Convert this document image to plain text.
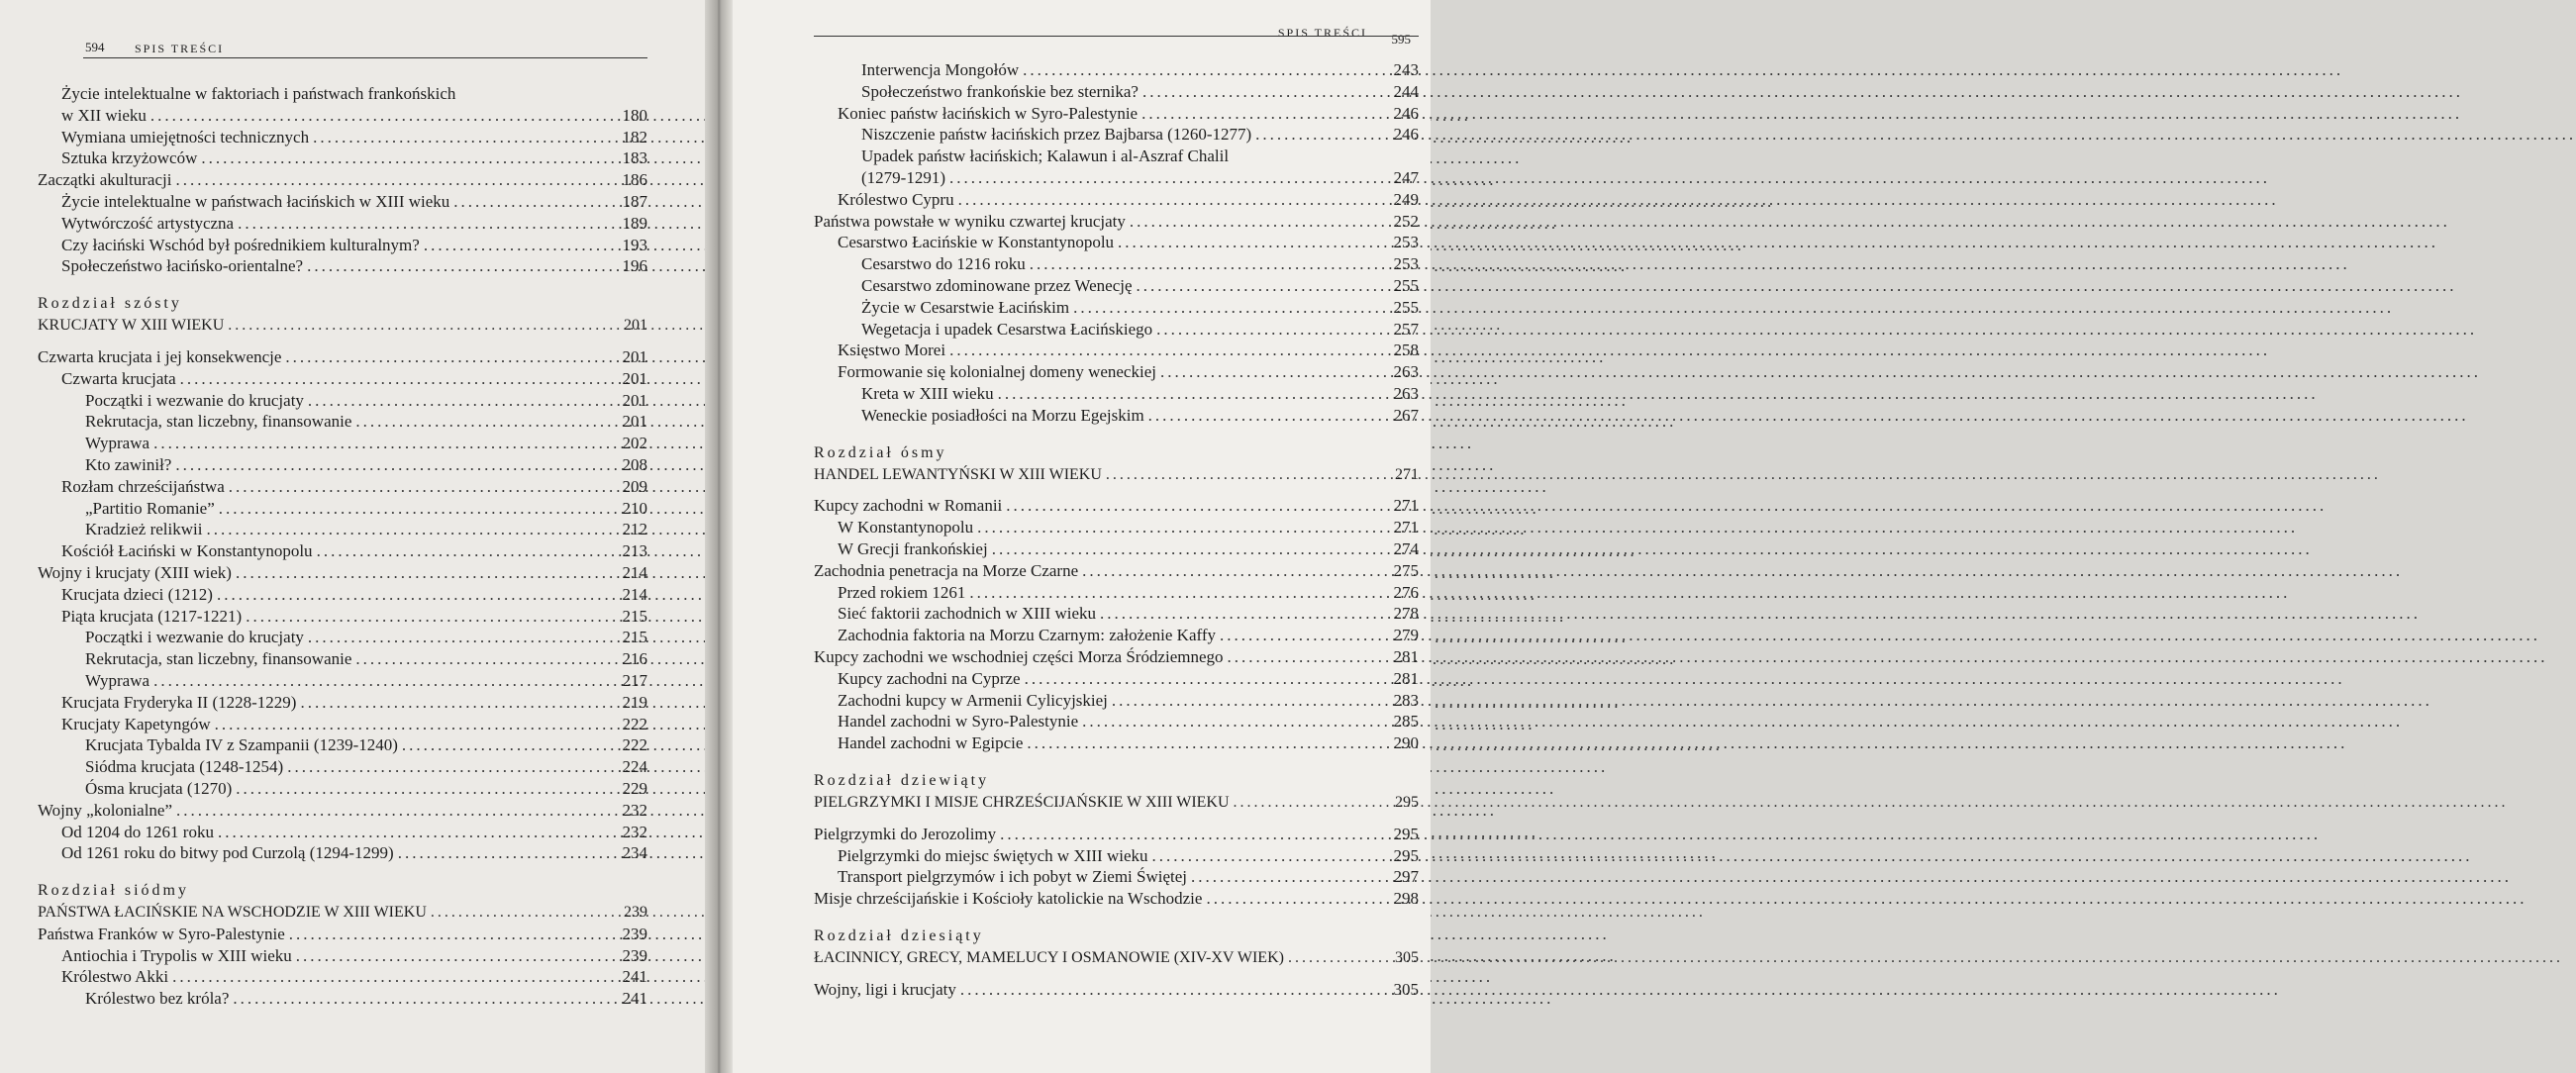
594	SPIS TREŚCI
Życie intelektualne w faktoriach i państwach frankońskich
w XII wieku .....	180
Wymiana umiejętności technicznych .....	182
Sztuka krzyżowców .....	183
Zaczątki akulturacji .....	186
Życie intelektualne w państwach łacińskich w XIII wieku .....	187
Wytwórczość artystyczna .....	189
Czy łaciński Wschód był pośrednikiem kulturalnym? .....	193
Społeczeństwo łacińsko-orientalne? .....	196
Rozdział szósty
KRUCJATY W XIII WIEKU .....	201
Czwarta krucjata i jej konsekwencje .....	201
Czwarta krucjata .....	201
Początki i wezwanie do krucjaty .....	201
Rekrutacja, stan liczebny, finansowanie .....	201
Wyprawa .....	202
Kto zawinił? .....	208
Rozłam chrześcijaństwa .....	209
„Partitio Romanie” .....	210
Kradzież relikwii .....	212
Kościół Łaciński w Konstantynopolu .....	213
Wojny i krucjaty (XIII wiek) .....	214
Krucjata dzieci (1212) .....	214
Piąta krucjata (1217-1221) .....	215
Początki i wezwanie do krucjaty .....	215
Rekrutacja, stan liczebny, finansowanie .....	216
Wyprawa .....	217
Krucjata Fryderyka II (1228-1229) .....	219
Krucjaty Kapetyngów .....	222
Krucjata Tybalda IV z Szampanii (1239-1240) .....	222
Siódma krucjata (1248-1254) .....	224
Ósma krucjata (1270) .....	229
Wojny „kolonialne” .....	232
Od 1204 do 1261 roku .....	232
Od 1261 roku do bitwy pod Curzolą (1294-1299) .....	234
Rozdział siódmy
PAŃSTWA ŁACIŃSKIE NA WSCHODZIE W XIII WIEKU .....	239
Państwa Franków w Syro-Palestynie .....	239
Antiochia i Trypolis w XIII wieku .....	239
Królestwo Akki .....	241
Królestwo bez króla? .....	241
SPIS TREŚCI 595
Interwencja Mongołów .....	243
Społeczeństwo frankońskie bez sternika? .....	244
Koniec państw łacińskich w Syro-Palestynie .....	246
Niszczenie państw łacińskich przez Bajbarsa (1260-1277) .....	246
Upadek państw łacińskich; Kalawun i al-Aszraf Chalil
(1279-1291) .....	247
Królestwo Cypru .....	249
Państwa powstałe w wyniku czwartej krucjaty .....	252
Cesarstwo Łacińskie w Konstantynopolu .....	253
Cesarstwo do 1216 roku .....	253
Cesarstwo zdominowane przez Wenecję .....	255
Życie w Cesarstwie Łacińskim .....	255
Wegetacja i upadek Cesarstwa Łacińskiego .....	257
Księstwo Morei .....	258
Formowanie się kolonialnej domeny weneckiej .....	263
Kreta w XIII wieku .....	263
Weneckie posiadłości na Morzu Egejskim .....	267
Rozdział ósmy
HANDEL LEWANTYŃSKI W XIII WIEKU .....	271
Kupcy zachodni w Romanii .....	271
W Konstantynopolu .....	271
W Grecji frankońskiej .....	274
Zachodnia penetracja na Morze Czarne .....	275
Przed rokiem 1261 .....	276
Sieć faktorii zachodnich w XIII wieku .....	278
Zachodnia faktoria na Morzu Czarnym: założenie Kaffy .....	279
Kupcy zachodni we wschodniej części Morza Śródziemnego .....	281
Kupcy zachodni na Cyprze .....	281
Zachodni kupcy w Armenii Cylicyjskiej .....	283
Handel zachodni w Syro-Palestynie .....	285
Handel zachodni w Egipcie .....	290
Rozdział dziewiąty
PIELGRZYMKI I MISJE CHRZEŚCIJAŃSKIE W XIII WIEKU .....	295
Pielgrzymki do Jerozolimy .....	295
Pielgrzymki do miejsc świętych w XIII wieku .....	295
Transport pielgrzymów i ich pobyt w Ziemi Świętej .....	297
Misje chrześcijańskie i Kościoły katolickie na Wschodzie .....	298
Rozdział dziesiąty
ŁACINNICY, GRECY, MAMELUCY I OSMANOWIE (XIV-XV WIEK) .....	305
Wojny, ligi i krucjaty .....	305
